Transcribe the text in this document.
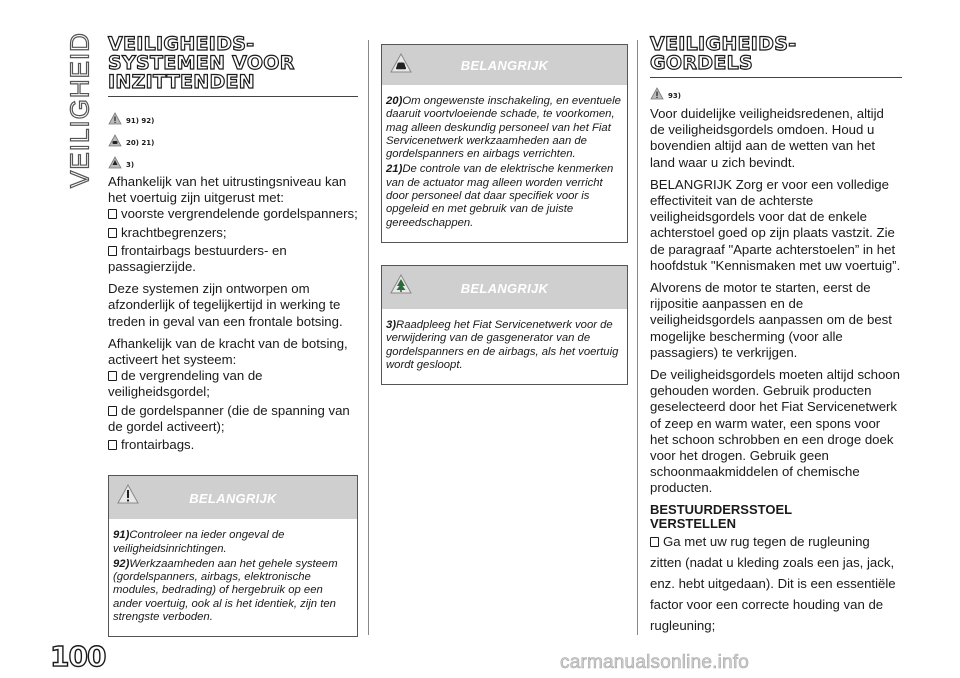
VEILIGHEID VEILIGHEIDS-
SYSTEMEN VOOR
INZITTENDEN
91) 92)
20) 21)
3)

Afhankelijk van het uitrustingsniveau kan het voertuig zijn uitgerust met:

voorste vergrendelende gordelspanners;

krachtbegrenzers;

frontairbags bestuurders- en passagierzijde.

Deze systemen zijn ontworpen om afzonderlijk of tegelijkertijd in werking te treden in geval van een frontale botsing.

Afhankelijk van de kracht van de botsing, activeert het systeem:

de vergrendeling van de veiligheidsgordel;

de gordelspanner (die de spanning van de gordel activeert);

frontairbags.

BELANGRIJK

91)Controleer na ieder ongeval de veiligheidsinrichtingen.

92)Werkzaamheden aan het gehele systeem (gordelspanners, airbags, elektronische modules, bedrading) of hergebruik op een ander voertuig, ook al is het identiek, zijn ten strengste verboden.

BELANGRIJK

20)Om ongewenste inschakeling, en eventuele daaruit voortvloeiende schade, te voorkomen, mag alleen deskundig personeel van het Fiat Servicenetwerk werkzaamheden aan de gordelspanners en airbags verrichten.

21)De controle van de elektrische kenmerken van de actuator mag alleen worden verricht door personeel dat daar specifiek voor is opgeleid en met gebruik van de juiste gereedschappen.

BELANGRIJK

3)Raadpleeg het Fiat Servicenetwerk voor de verwijdering van de gasgenerator van de gordelspanners en de airbags, als het voertuig wordt gesloopt.

VEILIGHEIDS-
GORDELS
93)

Voor duidelijke veiligheidsredenen, altijd de veiligheidsgordels omdoen. Houd u bovendien altijd aan de wetten van het land waar u zich bevindt.

BELANGRIJK Zorg er voor een volledige effectiviteit van de achterste veiligheidsgordels voor dat de enkele achterstoel goed op zijn plaats vastzit. Zie de paragraaf "Aparte achterstoelen” in het hoofdstuk "Kennismaken met uw voertuig”.

Alvorens de motor te starten, eerst de rijpositie aanpassen en de veiligheidsgordels aanpassen om de best mogelijke bescherming (voor alle passagiers) te verkrijgen.

De veiligheidsgordels moeten altijd schoon gehouden worden. Gebruik producten geselecteerd door het Fiat Servicenetwerk of zeep en warm water, een spons voor het schoon schrobben en een droge doek voor het drogen. Gebruik geen schoonmaakmiddelen of chemische producten.

BESTUURDERSSTOEL
VERSTELLEN

Ga met uw rug tegen de rugleuning zitten (nadat u kleding zoals een jas, jack, enz. hebt uitgedaan). Dit is een essentiële factor voor een correcte houding van de rugleuning;

100	carmanualsonline.info
